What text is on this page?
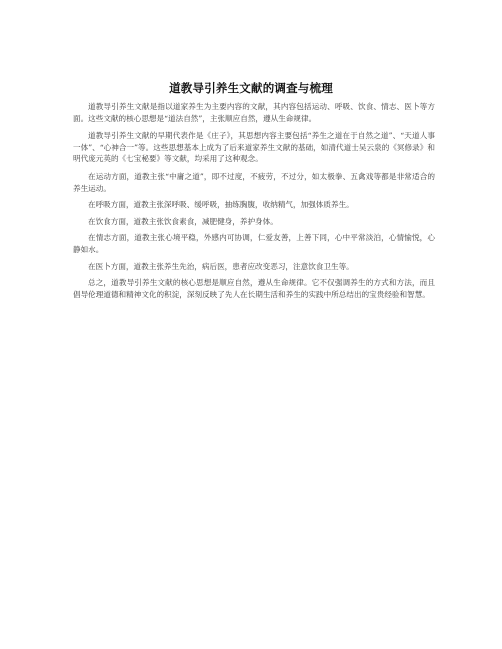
道教导引养生文献的调查与梳理

道教导引养生文献是指以道家养生为主要内容的文献，其内容包括运动、呼吸、饮食、情志、医卜等方面。这些文献的核心思想是“道法自然”，主张顺应自然，遵从生命规律。

道教导引养生文献的早期代表作是《庄子》，其思想内容主要包括“养生之道在于自然之道”、“天道人事一体”、“心神合一”等。这些思想基本上成为了后来道家养生文献的基础，如清代道士吴云泉的《冥修录》和明代庞元英的《七宝秘要》等文献，均采用了这种观念。

在运动方面，道教主张“中庸之道”，即不过度，不疲劳，不过分，如太极拳、五禽戏等都是非常适合的养生运动。

在呼吸方面，道教主张深呼吸、缓呼吸，抽练胸腹，收纳精气，加强体质养生。

在饮食方面，道教主张饮食素食，减肥健身，养护身体。

在情志方面，道教主张心境平稳，外感内可协调，仁爱友善，上善下同，心中平常淡泊，心情愉悦，心静如水。

在医卜方面，道教主张养生先治，病后医，患者应改变恶习，注意饮食卫生等。

总之，道教导引养生文献的核心思想是顺应自然，遵从生命规律。它不仅强调养生的方式和方法，而且倡导伦理道德和精神文化的积淀，深刻反映了先人在长期生活和养生的实践中所总结出的宝贵经验和智慧。
